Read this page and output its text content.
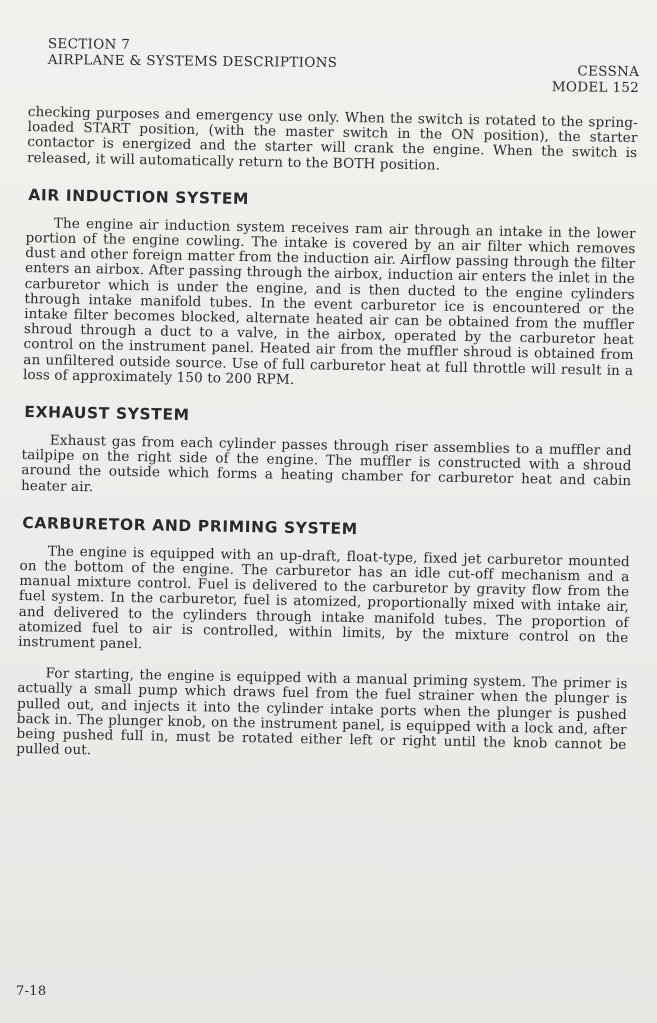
SECTION 7
AIRPLANE & SYSTEMS DESCRIPTIONS
CESSNA
MODEL 152

checking purposes and emergency use only. When the switch is rotated to the spring-loaded START position, (with the master switch in the ON position), the starter contactor is energized and the starter will crank the engine. When the switch is released, it will automatically return to the BOTH position.

AIR INDUCTION SYSTEM

The engine air induction system receives ram air through an intake in the lower portion of the engine cowling. The intake is covered by an air filter which removes dust and other foreign matter from the induction air. Airflow passing through the filter enters an airbox. After passing through the airbox, induction air enters the inlet in the carburetor which is under the engine, and is then ducted to the engine cylinders through intake manifold tubes. In the event carburetor ice is encountered or the intake filter becomes blocked, alternate heated air can be obtained from the muffler shroud through a duct to a valve, in the airbox, operated by the carburetor heat control on the instrument panel. Heated air from the muffler shroud is obtained from an unfiltered outside source. Use of full carburetor heat at full throttle will result in a loss of approximately 150 to 200 RPM.

EXHAUST SYSTEM

Exhaust gas from each cylinder passes through riser assemblies to a muffler and tailpipe on the right side of the engine. The muffler is constructed with a shroud around the outside which forms a heating chamber for carburetor heat and cabin heater air.

CARBURETOR AND PRIMING SYSTEM

The engine is equipped with an up-draft, float-type, fixed jet carburetor mounted on the bottom of the engine. The carburetor has an idle cut-off mechanism and a manual mixture control. Fuel is delivered to the carburetor by gravity flow from the fuel system. In the carburetor, fuel is atomized, proportionally mixed with intake air, and delivered to the cylinders through intake manifold tubes. The proportion of atomized fuel to air is controlled, within limits, by the mixture control on the instrument panel.

For starting, the engine is equipped with a manual priming system. The primer is actually a small pump which draws fuel from the fuel strainer when the plunger is pulled out, and injects it into the cylinder intake ports when the plunger is pushed back in. The plunger knob, on the instrument panel, is equipped with a lock and, after being pushed full in, must be rotated either left or right until the knob cannot be pulled out.

7-18
